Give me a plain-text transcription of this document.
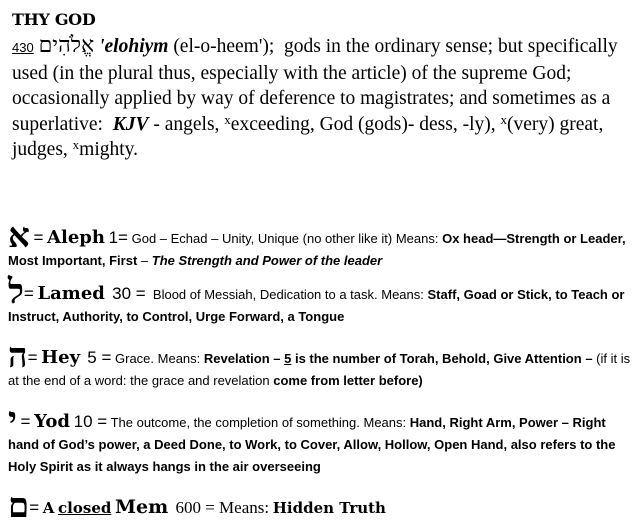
THY GOD
430 אֱלֹהִים 'elohiym (el-o-heem'); gods in the ordinary sense; but specifically used (in the plural thus, especially with the article) of the supreme God; occasionally applied by way of deference to magistrates; and sometimes as a superlative: KJV - angels, $^x$exceeding, God (gods)- dess, -ly), $^x$(very) great, judges, $^x$mighty.
א = Aleph 1= God – Echad – Unity, Unique (no other like it) Means: Ox head—Strength or Leader, Most Important, First – The Strength and Power of the leader
ל= Lamed 30 = Blood of Messiah, Dedication to a task. Means: Staff, Goad or Stick, to Teach or Instruct, Authority, to Control, Urge Forward, a Tongue
ה= Hey 5 = Grace. Means: Revelation – 5 is the number of Torah, Behold, Give Attention – (if it is at the end of a word: the grace and revelation come from letter before)
י = Yod 10 = The outcome, the completion of something. Means: Hand, Right Arm, Power – Right hand of God’s power, a Deed Done, to Work, to Cover, Allow, Hollow, Open Hand, also refers to the Holy Spirit as it always hangs in the air overseeing
ם= A closed Mem 600 = Means: Hidden Truth
